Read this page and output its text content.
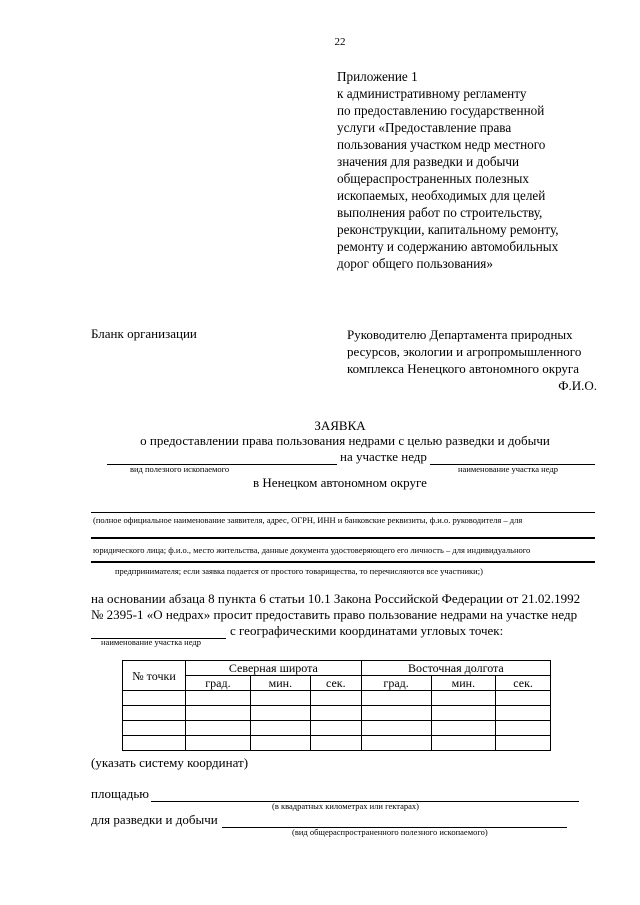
22
Приложение 1
к административному регламенту
по предоставлению государственной
услуги «Предоставление права
пользования участком недр местного
значения для разведки и добычи
общераспространенных полезных
ископаемых, необходимых для целей
выполнения работ по строительству,
реконструкции, капитальному ремонту,
ремонту и содержанию автомобильных
дорог общего пользования»
Бланк организации	Руководителю Департамента природных
ресурсов, экологии и агропромышленного
комплекса Ненецкого автономного округа
Ф.И.О.
ЗАЯВКА
о предоставлении права пользования недрами с целью разведки и добычи
на участке недр
вид полезного ископаемого	наименование участка недр
в Ненецком автономном округе
(полное официальное наименование заявителя, адрес, ОГРН, ИНН и банковские реквизиты, ф.и.о. руководителя – для
юридического лица; ф.и.о., место жительства, данные документа удостоверяющего его личность – для индивидуального
предпринимателя; если заявка подается от простого товарищества, то перечисляются все участники;)
на основании абзаца 8 пункта 6 статьи 10.1 Закона Российской Федерации от 21.02.1992
№ 2395-1 «О недрах» просит предоставить право пользование недрами на участке недр
с географическими координатами угловых точек:
наименование участка недр
№ точки	Северная широта			Восточная долгота		
	град.	мин.	сек.	град.	мин.	сек.

(указать систему координат)
площадью
(в квадратных километрах или гектарах)
для разведки и добычи
(вид общераспространенного полезного ископаемого)
